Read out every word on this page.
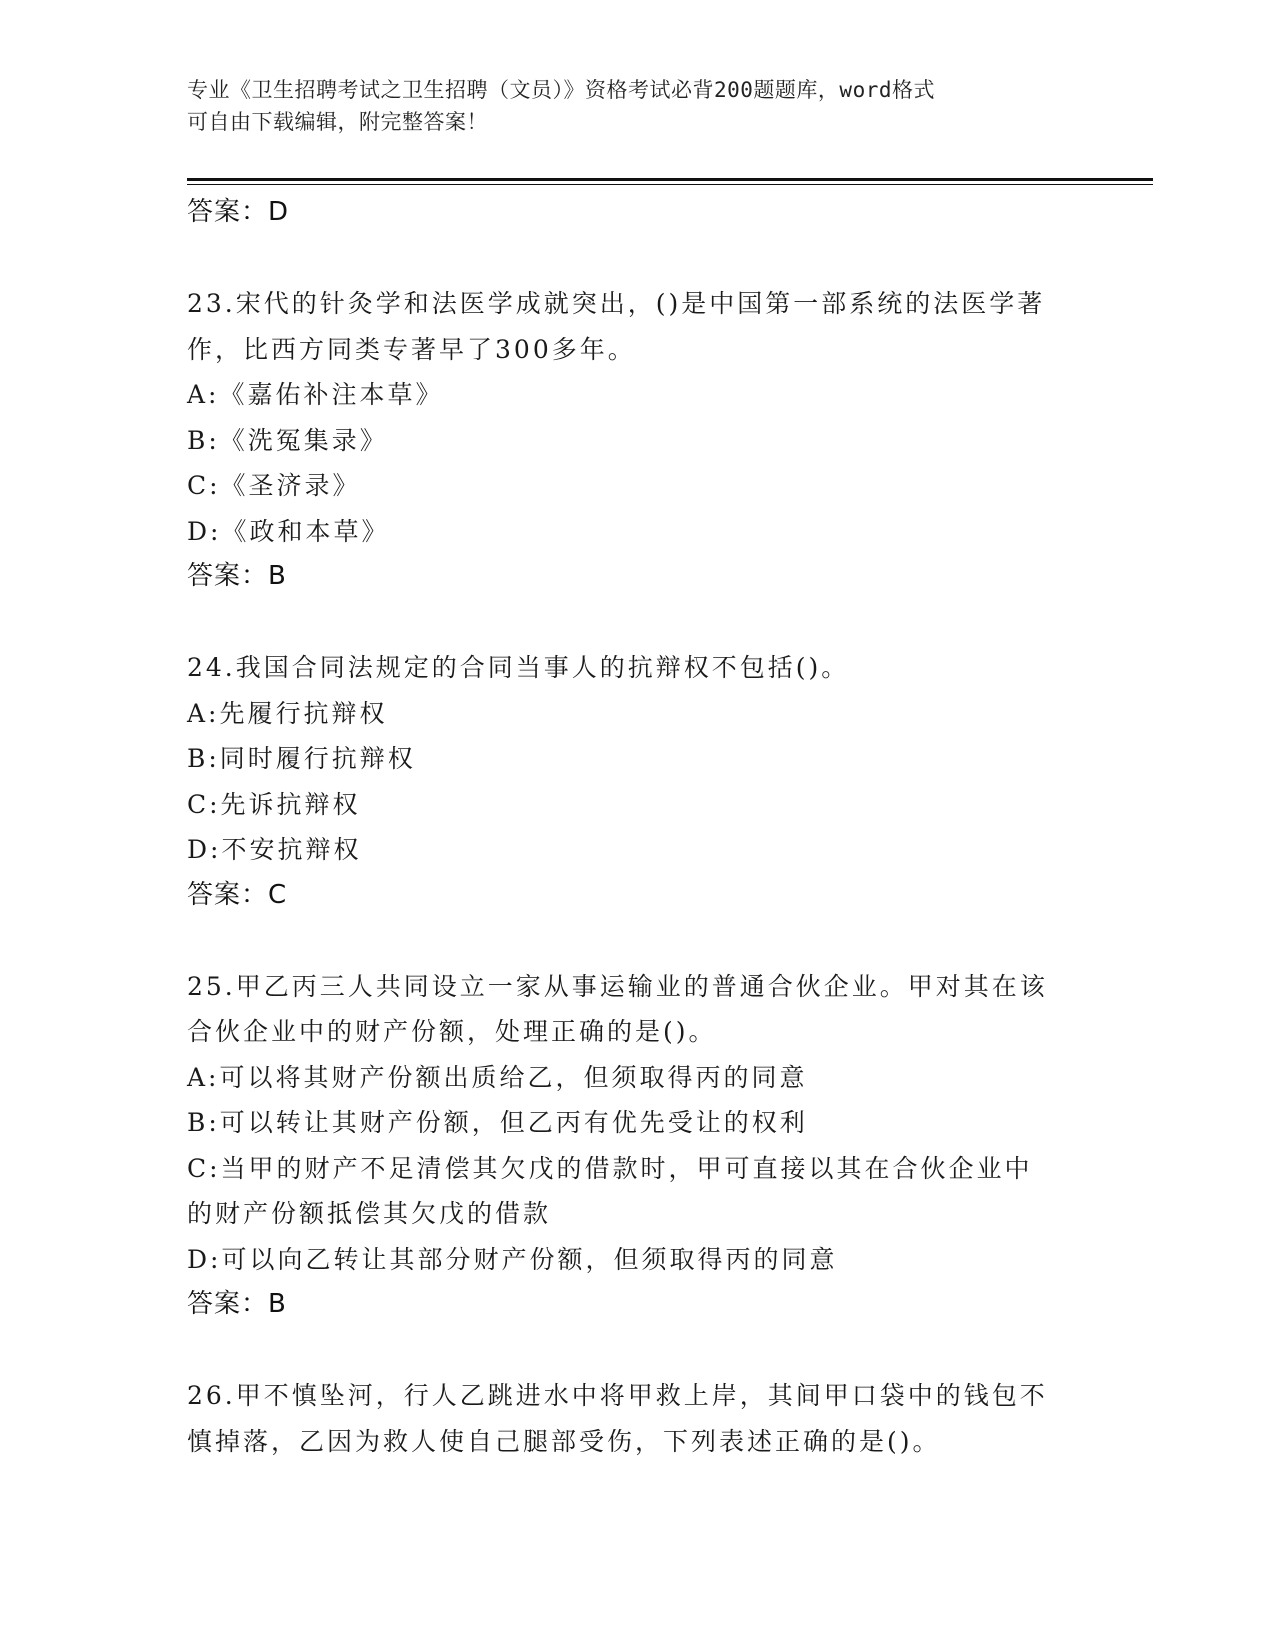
专业《卫生招聘考试之卫生招聘（文员）》资格考试必背200题题库，word格式
可自由下载编辑，附完整答案！
答案：D

23.宋代的针灸学和法医学成就突出，()是中国第一部系统的法医学著

作，比西方同类专著早了300多年。

A:《嘉佑补注本草》

B:《洗冤集录》

C:《圣济录》

D:《政和本草》

答案：B

24.我国合同法规定的合同当事人的抗辩权不包括()。

A:先履行抗辩权

B:同时履行抗辩权

C:先诉抗辩权

D:不安抗辩权

答案：C

25.甲乙丙三人共同设立一家从事运输业的普通合伙企业。甲对其在该

合伙企业中的财产份额，处理正确的是()。

A:可以将其财产份额出质给乙，但须取得丙的同意

B:可以转让其财产份额，但乙丙有优先受让的权利

C:当甲的财产不足清偿其欠戊的借款时，甲可直接以其在合伙企业中

的财产份额抵偿其欠戊的借款

D:可以向乙转让其部分财产份额，但须取得丙的同意

答案：B

26.甲不慎坠河，行人乙跳进水中将甲救上岸，其间甲口袋中的钱包不

慎掉落，乙因为救人使自己腿部受伤，下列表述正确的是()。
